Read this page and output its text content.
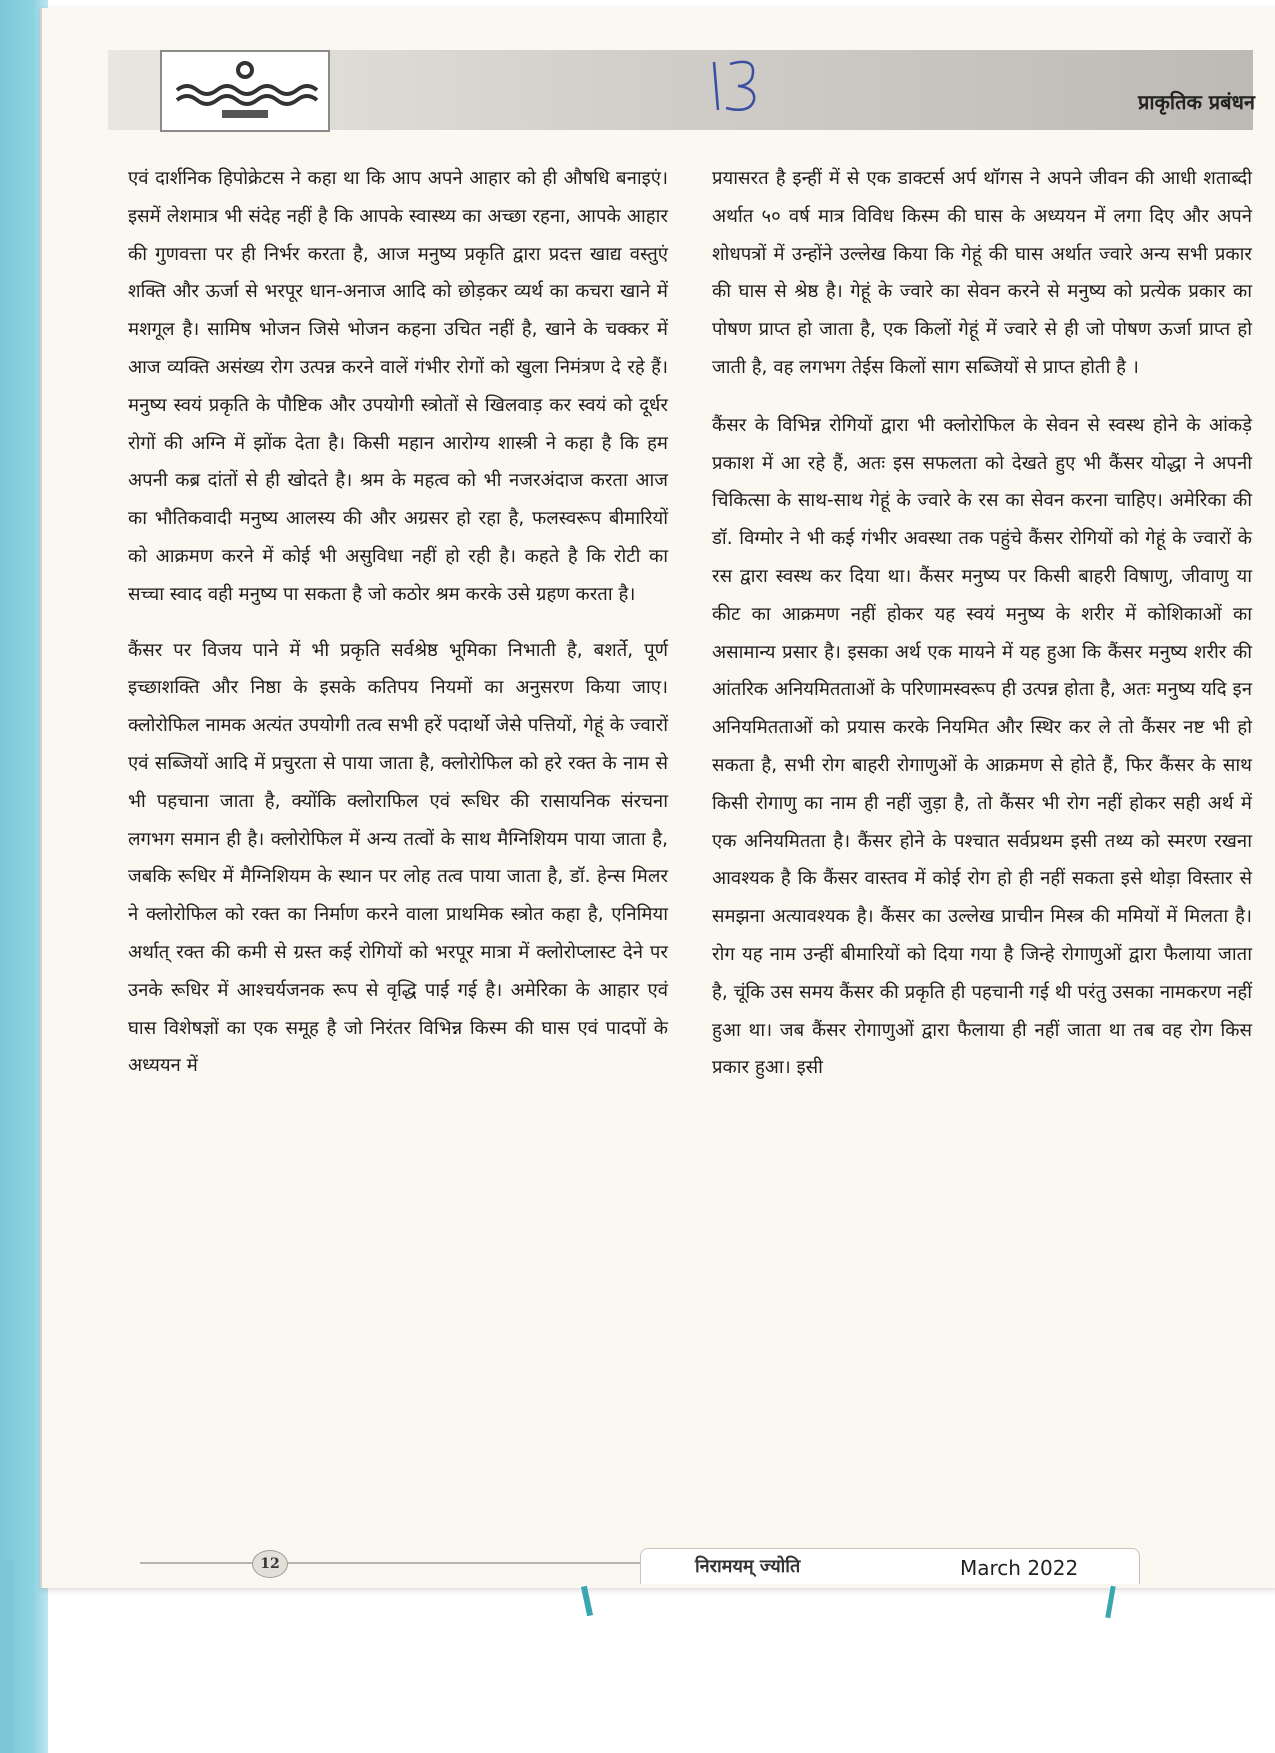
प्राकृतिक प्रबंधन

एवं दार्शनिक हिपोक्रेटस ने कहा था कि आप अपने आहार को ही औषधि बनाइएं। इसमें लेशमात्र भी संदेह नहीं है कि आपके स्वास्थ्य का अच्छा रहना, आपके आहार की गुणवत्ता पर ही निर्भर करता है, आज मनुष्य प्रकृति द्वारा प्रदत्त खाद्य वस्तुएं शक्ति और ऊर्जा से भरपूर धान-अनाज आदि को छोड़कर व्यर्थ का कचरा खाने में मशगूल है। सामिष भोजन जिसे भोजन कहना उचित नहीं है, खाने के चक्कर में आज व्यक्ति असंख्य रोग उत्पन्न करने वालें गंभीर रोगों को खुला निमंत्रण दे रहे हैं। मनुष्य स्वयं प्रकृति के पौष्टिक और उपयोगी स्त्रोतों से खिलवाड़ कर स्वयं को दूर्धर रोगों की अग्नि में झोंक देता है। किसी महान आरोग्य शास्त्री ने कहा है कि हम अपनी कब्र दांतों से ही खोदते है। श्रम के महत्व को भी नजरअंदाज करता आज का भौतिकवादी मनुष्य आलस्य की और अग्रसर हो रहा है, फलस्वरूप बीमारियों को आक्रमण करने में कोई भी असुविधा नहीं हो रही है। कहते है कि रोटी का सच्चा स्वाद वही मनुष्य पा सकता है जो कठोर श्रम करके उसे ग्रहण करता है।

कैंसर पर विजय पाने में भी प्रकृति सर्वश्रेष्ठ भूमिका निभाती है, बशर्ते, पूर्ण इच्छाशक्ति और निष्ठा के इसके कतिपय नियमों का अनुसरण किया जाए। क्लोरोफिल नामक अत्यंत उपयोगी तत्व सभी हरें पदार्थो जेसे पत्तियों, गेहूं के ज्वारों एवं सब्जियों आदि में प्रचुरता से पाया जाता है, क्लोरोफिल को हरे रक्त के नाम से भी पहचाना जाता है, क्योंकि क्लोराफिल एवं रूधिर की रासायनिक संरचना लगभग समान ही है। क्लोरोफिल में अन्य तत्वों के साथ मैग्निशियम पाया जाता है, जबकि रूधिर में मैग्निशियम के स्थान पर लोह तत्व पाया जाता है, डॉ. हेन्स मिलर ने क्लोरोफिल को रक्त का निर्माण करने वाला प्राथमिक स्त्रोत कहा है, एनिमिया अर्थात् रक्त की कमी से ग्रस्त कई रोगियों को भरपूर मात्रा में क्लोरोप्लास्ट देने पर उनके रूधिर में आश्चर्यजनक रूप से वृद्धि पाई गई है। अमेरिका के आहार एवं घास विशेषज्ञों का एक समूह है जो निरंतर विभिन्न किस्म की घास एवं पादपों के अध्ययन में

प्रयासरत है इन्हीं में से एक डाक्टर्स अर्प थॉगस ने अपने जीवन की आधी शताब्दी अर्थात ५० वर्ष मात्र विविध किस्म की घास के अध्ययन में लगा दिए और अपने शोधपत्रों में उन्होंने उल्लेख किया कि गेहूं की घास अर्थात ज्वारे अन्य सभी प्रकार की घास से श्रेष्ठ है। गेहूं के ज्वारे का सेवन करने से मनुष्य को प्रत्येक प्रकार का पोषण प्राप्त हो जाता है, एक किलों गेहूं में ज्वारे से ही जो पोषण ऊर्जा प्राप्त हो जाती है, वह लगभग तेईस किलों साग सब्जियों से प्राप्त होती है ।

कैंसर के विभिन्न रोगियों द्वारा भी क्लोरोफिल के सेवन से स्वस्थ होने के आंकड़े प्रकाश में आ रहे हैं, अतः इस सफलता को देखते हुए भी कैंसर योद्धा ने अपनी चिकित्सा के साथ-साथ गेहूं के ज्वारे के रस का सेवन करना चाहिए। अमेरिका की डॉ. विग्मोर ने भी कई गंभीर अवस्था तक पहुंचे कैंसर रोगियों को गेहूं के ज्वारों के रस द्वारा स्वस्थ कर दिया था। कैंसर मनुष्य पर किसी बाहरी विषाणु, जीवाणु या कीट का आक्रमण नहीं होकर यह स्वयं मनुष्य के शरीर में कोशिकाओं का असामान्य प्रसार है। इसका अर्थ एक मायने में यह हुआ कि कैंसर मनुष्य शरीर की आंतरिक अनियमितताओं के परिणामस्वरूप ही उत्पन्न होता है, अतः मनुष्य यदि इन अनियमितताओं को प्रयास करके नियमित और स्थिर कर ले तो कैंसर नष्ट भी हो सकता है, सभी रोग बाहरी रोगाणुओं के आक्रमण से होते हैं, फिर कैंसर के साथ किसी रोगाणु का नाम ही नहीं जुड़ा है, तो कैंसर भी रोग नहीं होकर सही अर्थ में एक अनियमितता है। कैंसर होने के पश्चात सर्वप्रथम इसी तथ्य को स्मरण रखना आवश्यक है कि कैंसर वास्तव में कोई रोग हो ही नहीं सकता इसे थोड़ा विस्तार से समझना अत्यावश्यक है। कैंसर का उल्लेख प्राचीन मिस्त्र की ममियों में मिलता है। रोग यह नाम उन्हीं बीमारियों को दिया गया है जिन्हे रोगाणुओं द्वारा फैलाया जाता है, चूंकि उस समय कैंसर की प्रकृति ही पहचानी गई थी परंतु उसका नामकरण नहीं हुआ था। जब कैंसर रोगाणुओं द्वारा फैलाया ही नहीं जाता था तब वह रोग किस प्रकार हुआ। इसी

12	निरामयम् ज्योति	March 2022
